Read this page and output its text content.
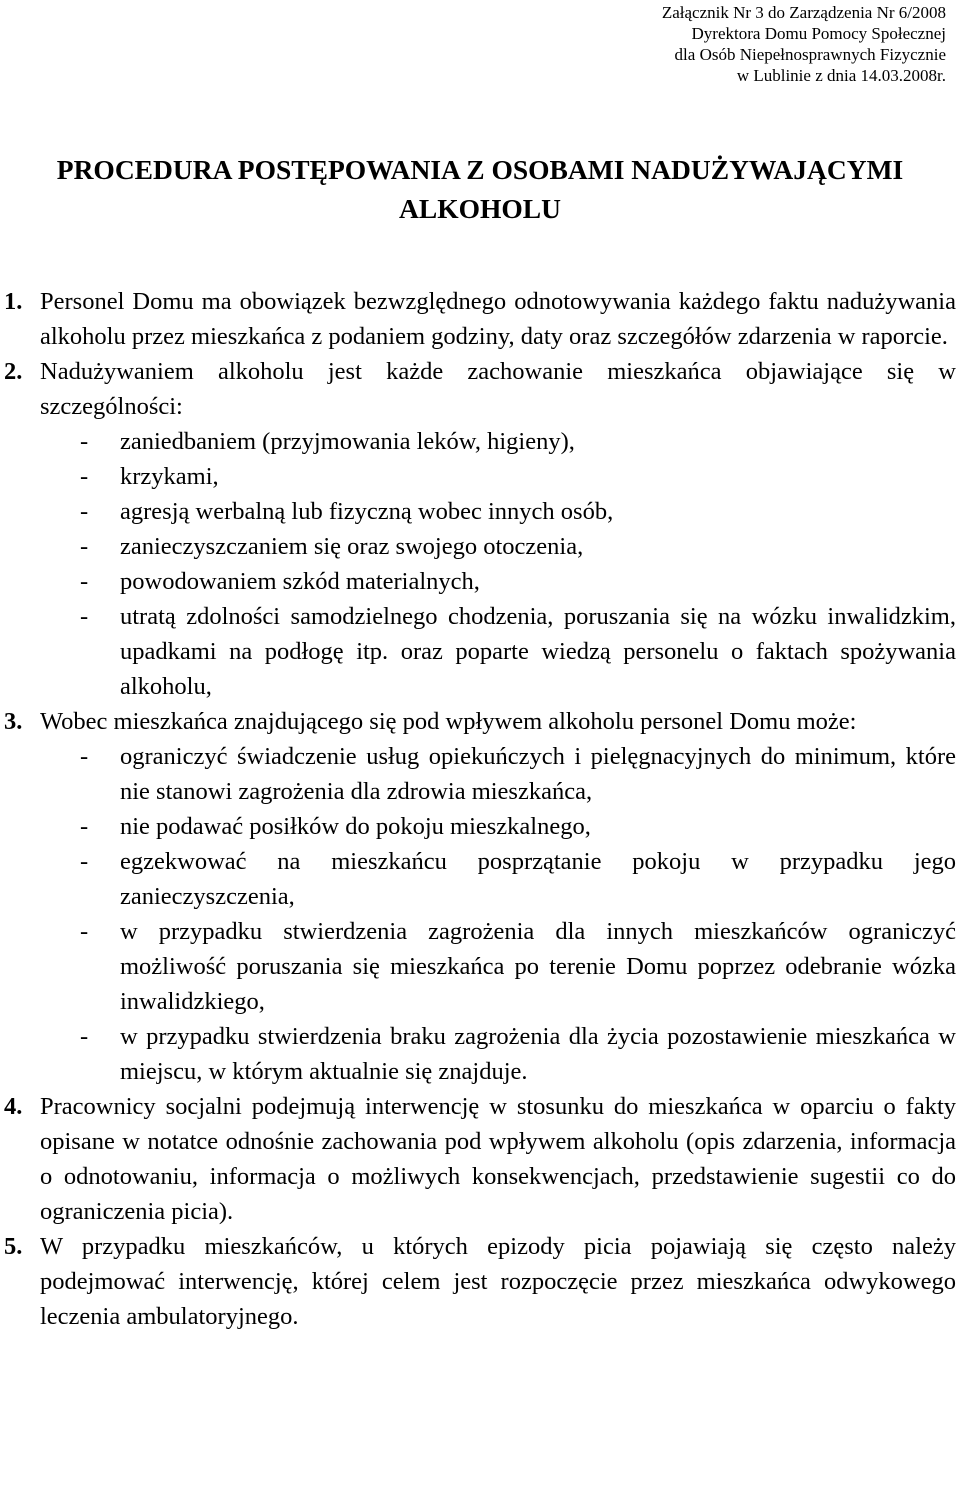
Załącznik Nr 3 do Zarządzenia Nr 6/2008
Dyrektora Domu Pomocy Społecznej
dla Osób Niepełnosprawnych Fizycznie
w Lublinie z dnia 14.03.2008r.
PROCEDURA POSTĘPOWANIA Z OSOBAMI NADUŻYWAJĄCYMI
ALKOHOLU
1. Personel Domu ma obowiązek bezwzględnego odnotowywania każdego faktu nadużywania alkoholu przez mieszkańca z podaniem godziny, daty oraz szczegółów zdarzenia w raporcie.
2. Nadużywaniem alkoholu jest każde zachowanie mieszkańca objawiające się w szczególności:
- zaniedbaniem (przyjmowania leków, higieny),
- krzykami,
- agresją werbalną lub fizyczną wobec innych osób,
- zanieczyszczaniem się oraz swojego otoczenia,
- powodowaniem szkód materialnych,
- utratą zdolności samodzielnego chodzenia, poruszania się na wózku inwalidzkim, upadkami na podłogę itp. oraz poparte wiedzą personelu o faktach spożywania alkoholu,
3. Wobec mieszkańca znajdującego się pod wpływem alkoholu personel Domu może:
- ograniczyć świadczenie usług opiekuńczych i pielęgnacyjnych do minimum, które nie stanowi zagrożenia dla zdrowia mieszkańca,
- nie podawać posiłków do pokoju mieszkalnego,
- egzekwować na mieszkańcu posprzątanie pokoju w przypadku jego zanieczyszczenia,
- w przypadku stwierdzenia zagrożenia dla innych mieszkańców ograniczyć możliwość poruszania się mieszkańca po terenie Domu poprzez odebranie wózka inwalidzkiego,
- w przypadku stwierdzenia braku zagrożenia dla życia pozostawienie mieszkańca w miejscu, w którym aktualnie się znajduje.
4. Pracownicy socjalni podejmują interwencję w stosunku do mieszkańca w oparciu o fakty opisane w notatce odnośnie zachowania pod wpływem alkoholu (opis zdarzenia, informacja o odnotowaniu, informacja o możliwych konsekwencjach, przedstawienie sugestii co do ograniczenia picia).
5. W przypadku mieszkańców, u których epizody picia pojawiają się często należy podejmować interwencję, której celem jest rozpoczęcie przez mieszkańca odwykowego leczenia ambulatoryjnego.
